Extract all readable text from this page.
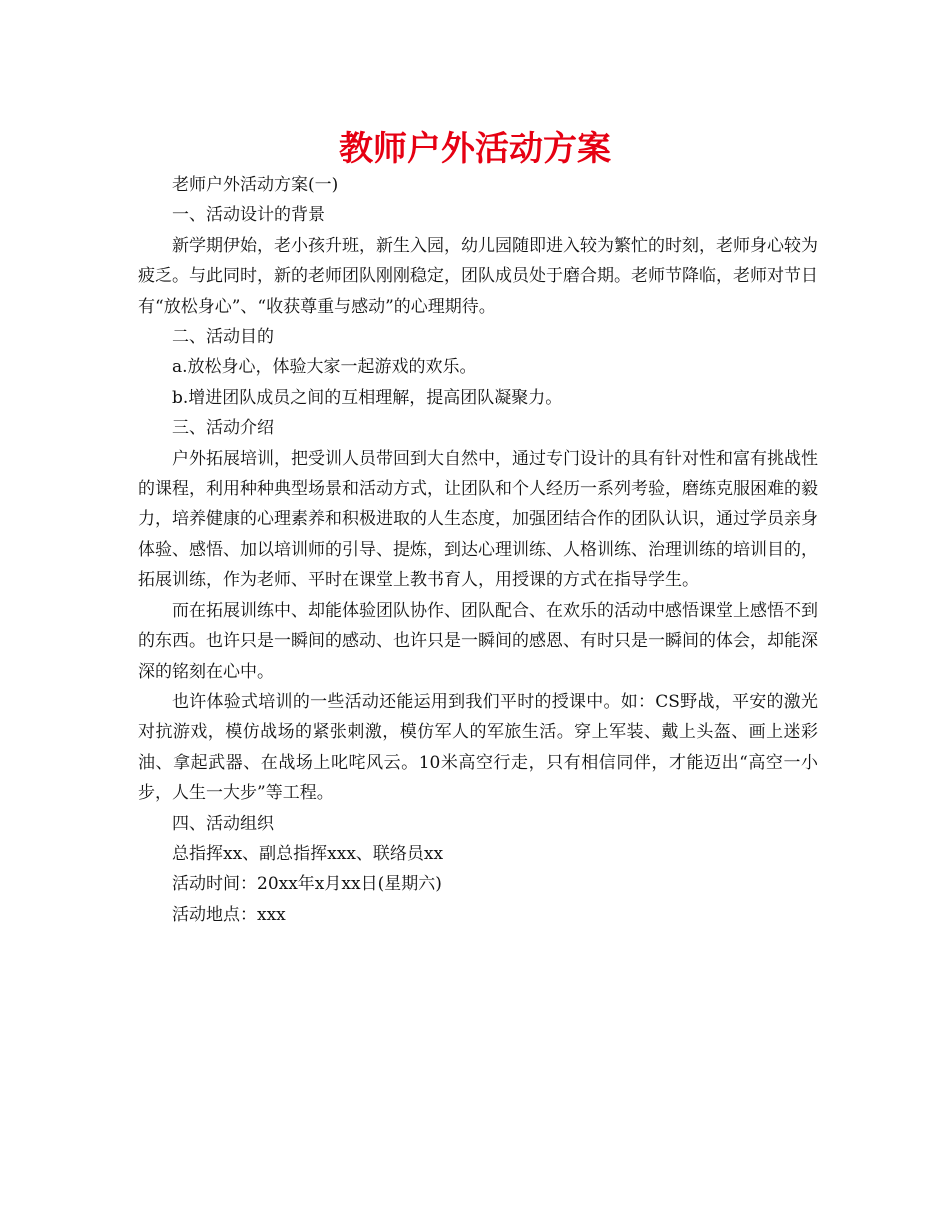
教师户外活动方案

老师户外活动方案(一)

一、活动设计的背景

新学期伊始，老小孩升班，新生入园，幼儿园随即进入较为繁忙的时刻，老师身心较为疲乏。与此同时，新的老师团队刚刚稳定，团队成员处于磨合期。老师节降临，老师对节日有“放松身心”、“收获尊重与感动”的心理期待。

二、活动目的

a.放松身心，体验大家一起游戏的欢乐。

b.增进团队成员之间的互相理解，提高团队凝聚力。

三、活动介绍

户外拓展培训，把受训人员带回到大自然中，通过专门设计的具有针对性和富有挑战性的课程，利用种种典型场景和活动方式，让团队和个人经历一系列考验，磨练克服困难的毅力，培养健康的心理素养和积极进取的人生态度，加强团结合作的团队认识，通过学员亲身体验、感悟、加以培训师的引导、提炼，到达心理训练、人格训练、治理训练的培训目的，拓展训练，作为老师、平时在课堂上教书育人，用授课的方式在指导学生。

而在拓展训练中、却能体验团队协作、团队配合、在欢乐的活动中感悟课堂上感悟不到的东西。也许只是一瞬间的感动、也许只是一瞬间的感恩、有时只是一瞬间的体会，却能深深的铭刻在心中。

也许体验式培训的一些活动还能运用到我们平时的授课中。如：CS野战，平安的激光对抗游戏，模仿战场的紧张刺激，模仿军人的军旅生活。穿上军装、戴上头盔、画上迷彩油、拿起武器、在战场上叱咤风云。10米高空行走，只有相信同伴，才能迈出“高空一小步，人生一大步”等工程。

四、活动组织

总指挥xx、副总指挥xxx、联络员xx

活动时间：20xx年x月xx日(星期六)

活动地点：xxx
